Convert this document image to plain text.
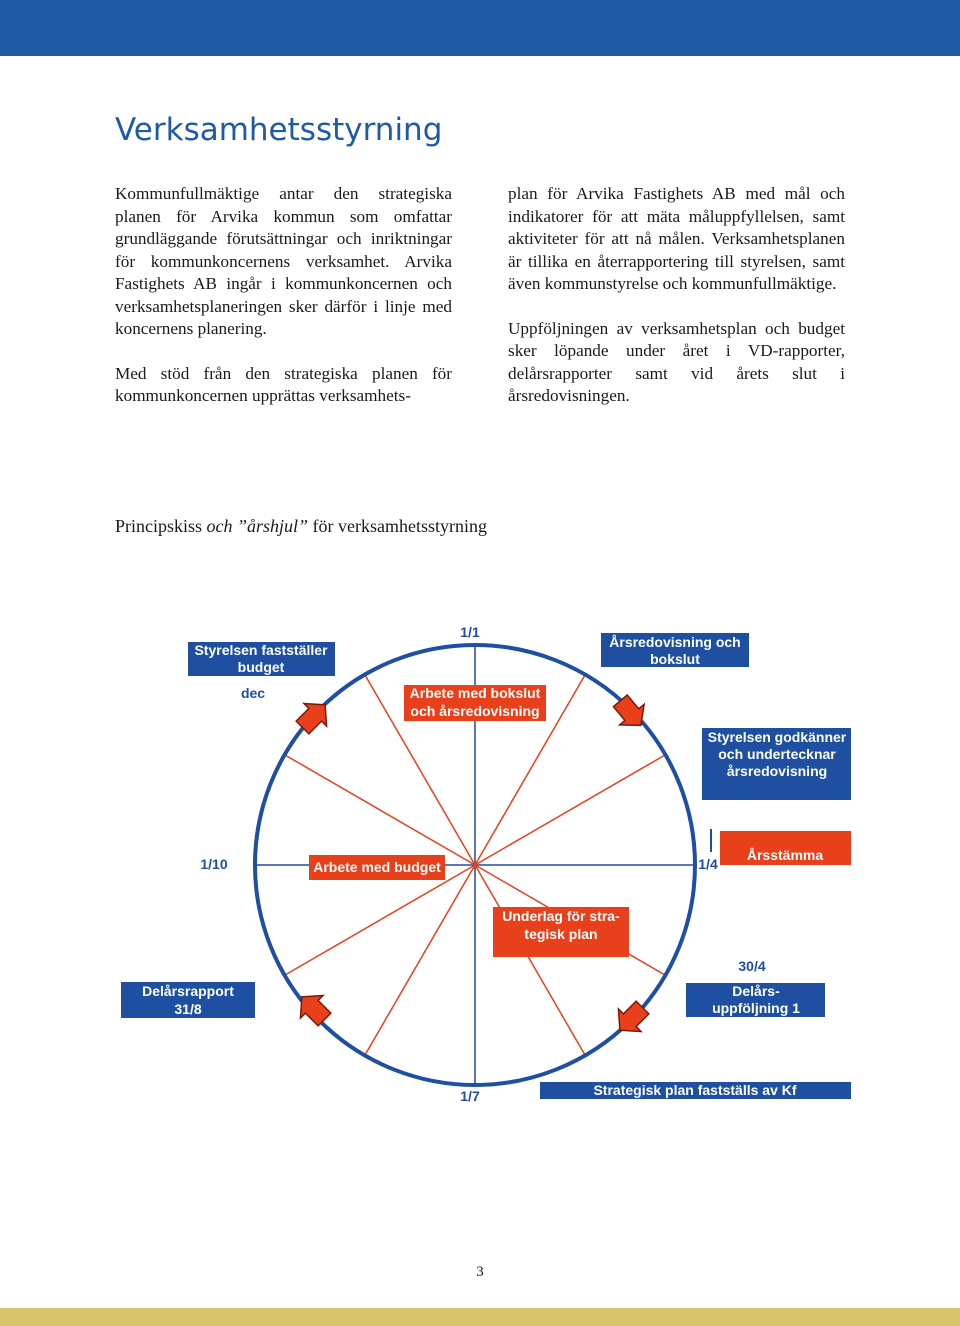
Verksamhetsstyrning

Kommunfullmäktige antar den strategiska planen för Arvika kommun som omfattar grundläggande förutsättningar och inriktningar för kommunkoncernens verksamhet. Arvika Fastighets AB ingår i kommunkoncernen och verksamhetsplaneringen sker därför i linje med koncernens planering.

Med stöd från den strategiska planen för kommunkoncernen upprättas verksamhets-

plan för Arvika Fastighets AB med mål och indikatorer för att mäta måluppfyllelsen, samt aktiviteter för att nå målen. Verksamhetsplanen är tillika en återrapportering till styrelsen, samt även kommunstyrelse och kommunfullmäktige.

Uppföljningen av verksamhetsplan och budget sker löpande under året i VD-rapporter, delårsrapporter samt vid årets slut i årsredovisningen.

Principskiss och ”årshjul” för verksamhetsstyrning
Styrelsen fastställer
budget
Årsredovisning och
bokslut
Arbete med bokslut
och årsredovisning
Styrelsen godkänner
och undertecknar
årsredovisning
Arbete med budget
Årsstämma
Underlag för stra-
tegisk plan
Delårsrapport
31/8
Delårs-
uppföljning 1
Strategisk plan fastställs av Kf
1/1
dec
1/10	1/4
30/4
1/7
3
